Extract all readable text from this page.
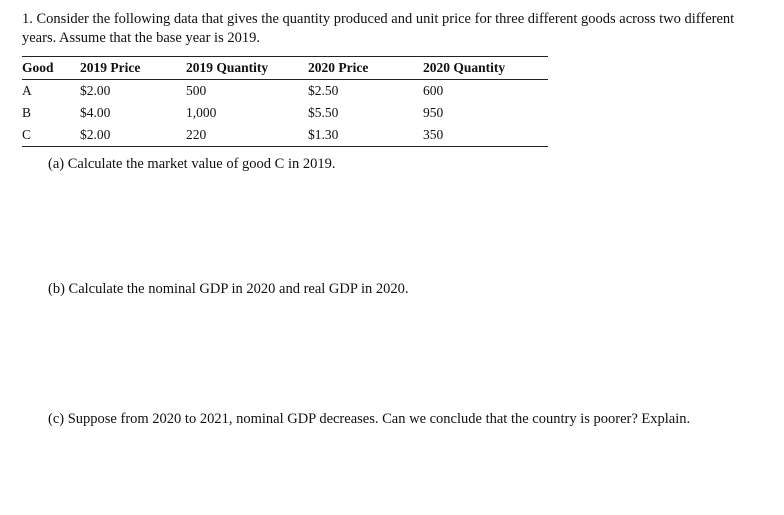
1. Consider the following data that gives the quantity produced and unit price for three different goods across two different years. Assume that the base year is 2019.
Good	2019 Price	2019 Quantity	2020 Price	2020 Quantity
A	$2.00	500	$2.50	600
B	$4.00	1,000	$5.50	950
C	$2.00	220	$1.30	350
(a) Calculate the market value of good C in 2019.
(b) Calculate the nominal GDP in 2020 and real GDP in 2020.
(c) Suppose from 2020 to 2021, nominal GDP decreases. Can we conclude that the country is poorer? Explain.
